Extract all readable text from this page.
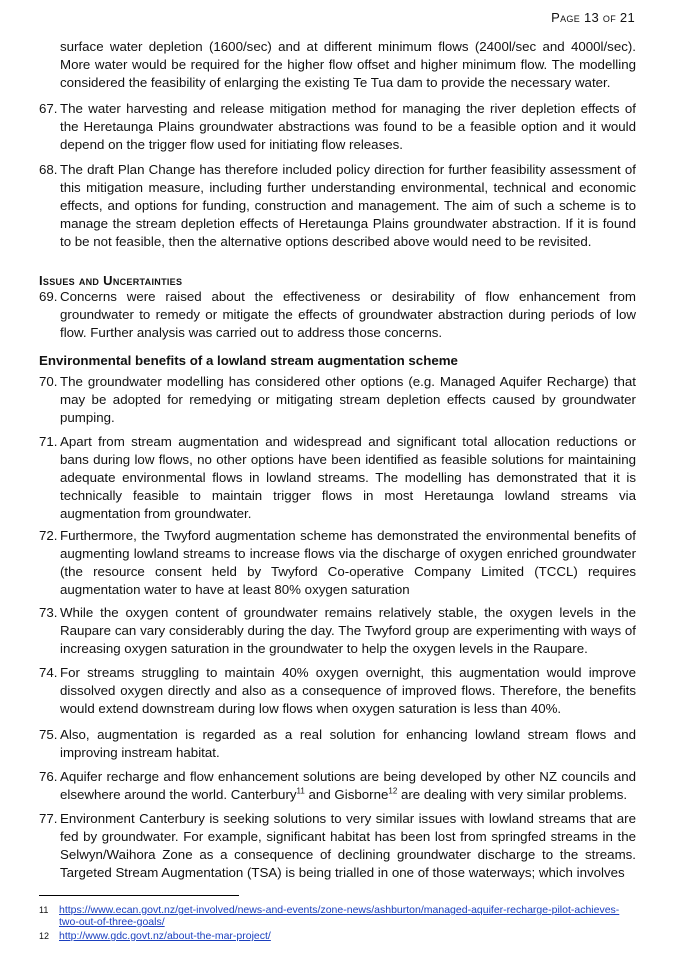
Page 13 of 21
surface water depletion (1600/sec) and at different minimum flows (2400l/sec and 4000l/sec). More water would be required for the higher flow offset and higher minimum flow. The modelling considered the feasibility of enlarging the existing Te Tua dam to provide the necessary water.
67. The water harvesting and release mitigation method for managing the river depletion effects of the Heretaunga Plains groundwater abstractions was found to be a feasible option and it would depend on the trigger flow used for initiating flow releases.
68. The draft Plan Change has therefore included policy direction for further feasibility assessment of this mitigation measure, including further understanding environmental, technical and economic effects, and options for funding, construction and management. The aim of such a scheme is to manage the stream depletion effects of Heretaunga Plains groundwater abstraction. If it is found to be not feasible, then the alternative options described above would need to be revisited.
Issues and Uncertainties
69. Concerns were raised about the effectiveness or desirability of flow enhancement from groundwater to remedy or mitigate the effects of groundwater abstraction during periods of low flow. Further analysis was carried out to address those concerns.
Environmental benefits of a lowland stream augmentation scheme
70. The groundwater modelling has considered other options (e.g. Managed Aquifer Recharge) that may be adopted for remedying or mitigating stream depletion effects caused by groundwater pumping.
71. Apart from stream augmentation and widespread and significant total allocation reductions or bans during low flows, no other options have been identified as feasible solutions for maintaining adequate environmental flows in lowland streams. The modelling has demonstrated that it is technically feasible to maintain trigger flows in most Heretaunga lowland streams via augmentation from groundwater.
72. Furthermore, the Twyford augmentation scheme has demonstrated the environmental benefits of augmenting lowland streams to increase flows via the discharge of oxygen enriched groundwater (the resource consent held by Twyford Co-operative Company Limited (TCCL) requires augmentation water to have at least 80% oxygen saturation
73. While the oxygen content of groundwater remains relatively stable, the oxygen levels in the Raupare can vary considerably during the day. The Twyford group are experimenting with ways of increasing oxygen saturation in the groundwater to help the oxygen levels in the Raupare.
74. For streams struggling to maintain 40% oxygen overnight, this augmentation would improve dissolved oxygen directly and also as a consequence of improved flows. Therefore, the benefits would extend downstream during low flows when oxygen saturation is less than 40%.
75. Also, augmentation is regarded as a real solution for enhancing lowland stream flows and improving instream habitat.
76. Aquifer recharge and flow enhancement solutions are being developed by other NZ councils and elsewhere around the world. Canterbury$^{11}$ and Gisborne$^{12}$ are dealing with very similar problems.
77. Environment Canterbury is seeking solutions to very similar issues with lowland streams that are fed by groundwater. For example, significant habitat has been lost from springfed streams in the Selwyn/Waihora Zone as a consequence of declining groundwater discharge to the streams. Targeted Stream Augmentation (TSA) is being trialled in one of those waterways; which involves
11 https://www.ecan.govt.nz/get-involved/news-and-events/zone-news/ashburton/managed-aquifer-recharge-pilot-achieves-two-out-of-three-goals/
12 http://www.gdc.govt.nz/about-the-mar-project/
